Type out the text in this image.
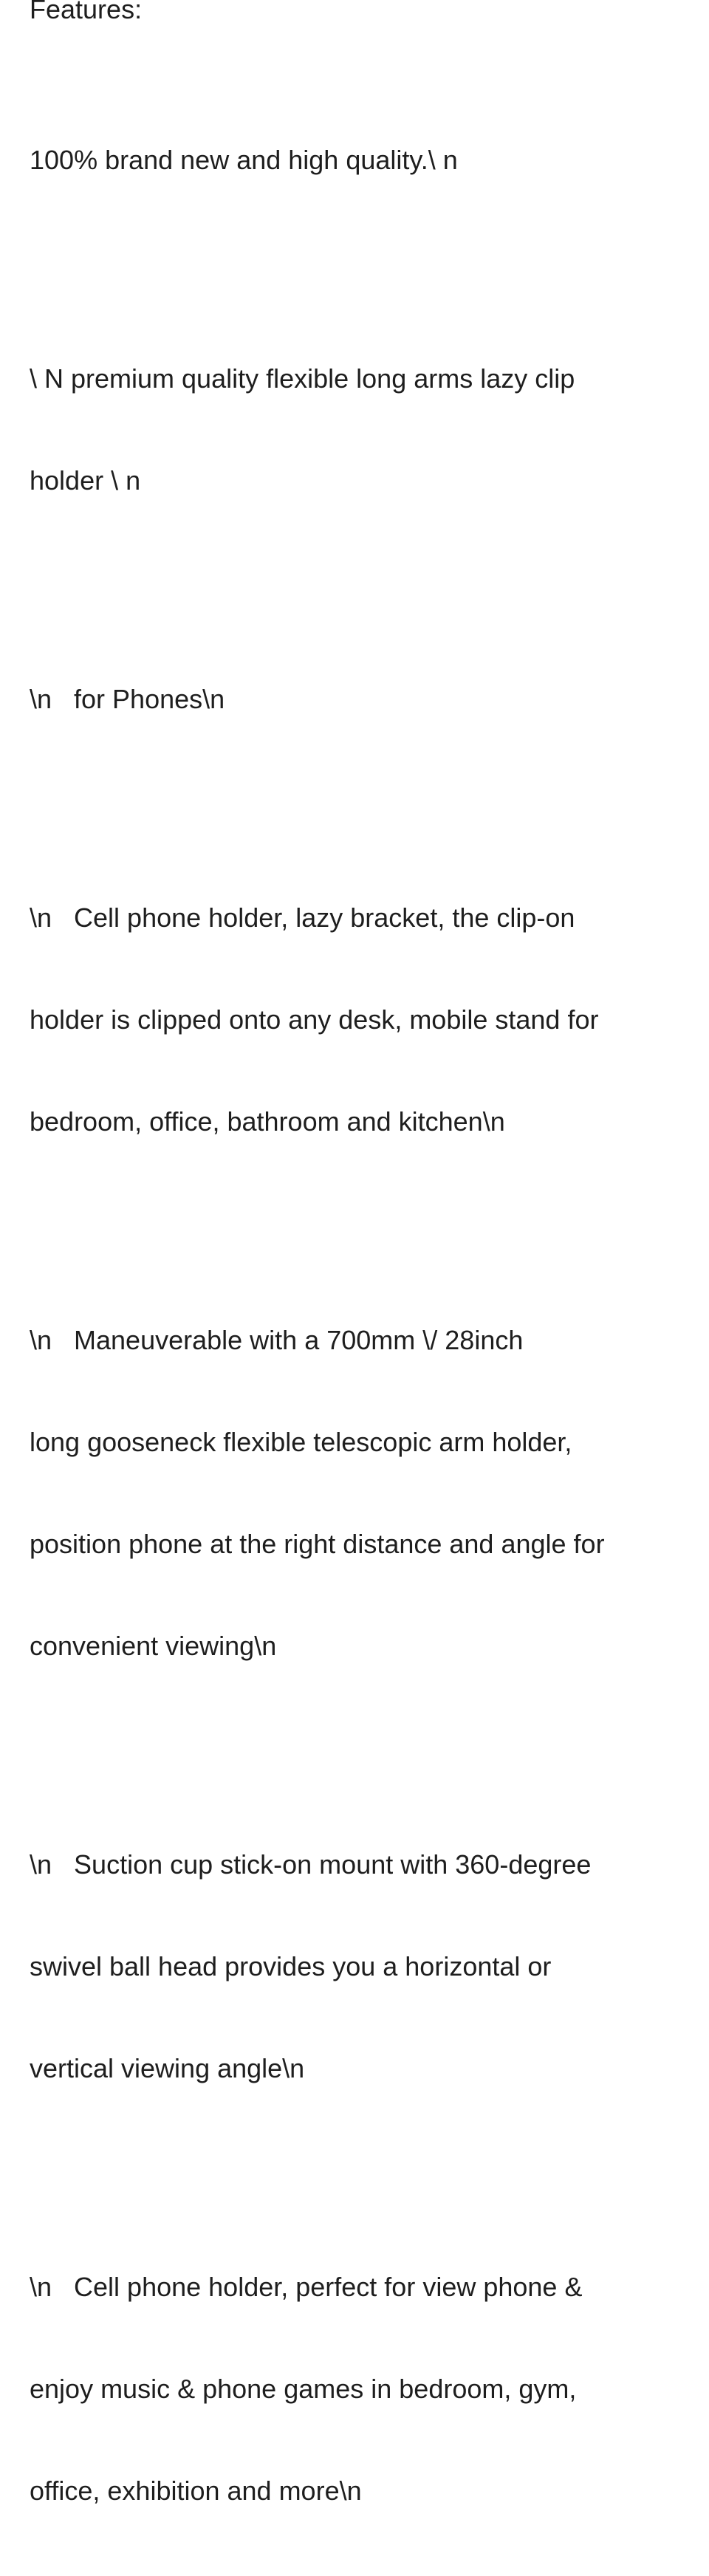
Features:

100% brand new and high quality.\ n

\ N premium quality flexible long arms lazy clip

holder \ n

\n   for Phones\n

\n   Cell phone holder, lazy bracket, the clip-on

holder is clipped onto any desk, mobile stand for

bedroom, office, bathroom and kitchen\n

\n   Maneuverable with a 700mm \/ 28inch

long gooseneck flexible telescopic arm holder,

position phone at the right distance and angle for

convenient viewing\n

\n   Suction cup stick-on mount with 360-degree

swivel ball head provides you a horizontal or

vertical viewing angle\n

\n   Cell phone holder, perfect for view phone &

enjoy music & phone games in bedroom, gym,

office, exhibition and more\n
